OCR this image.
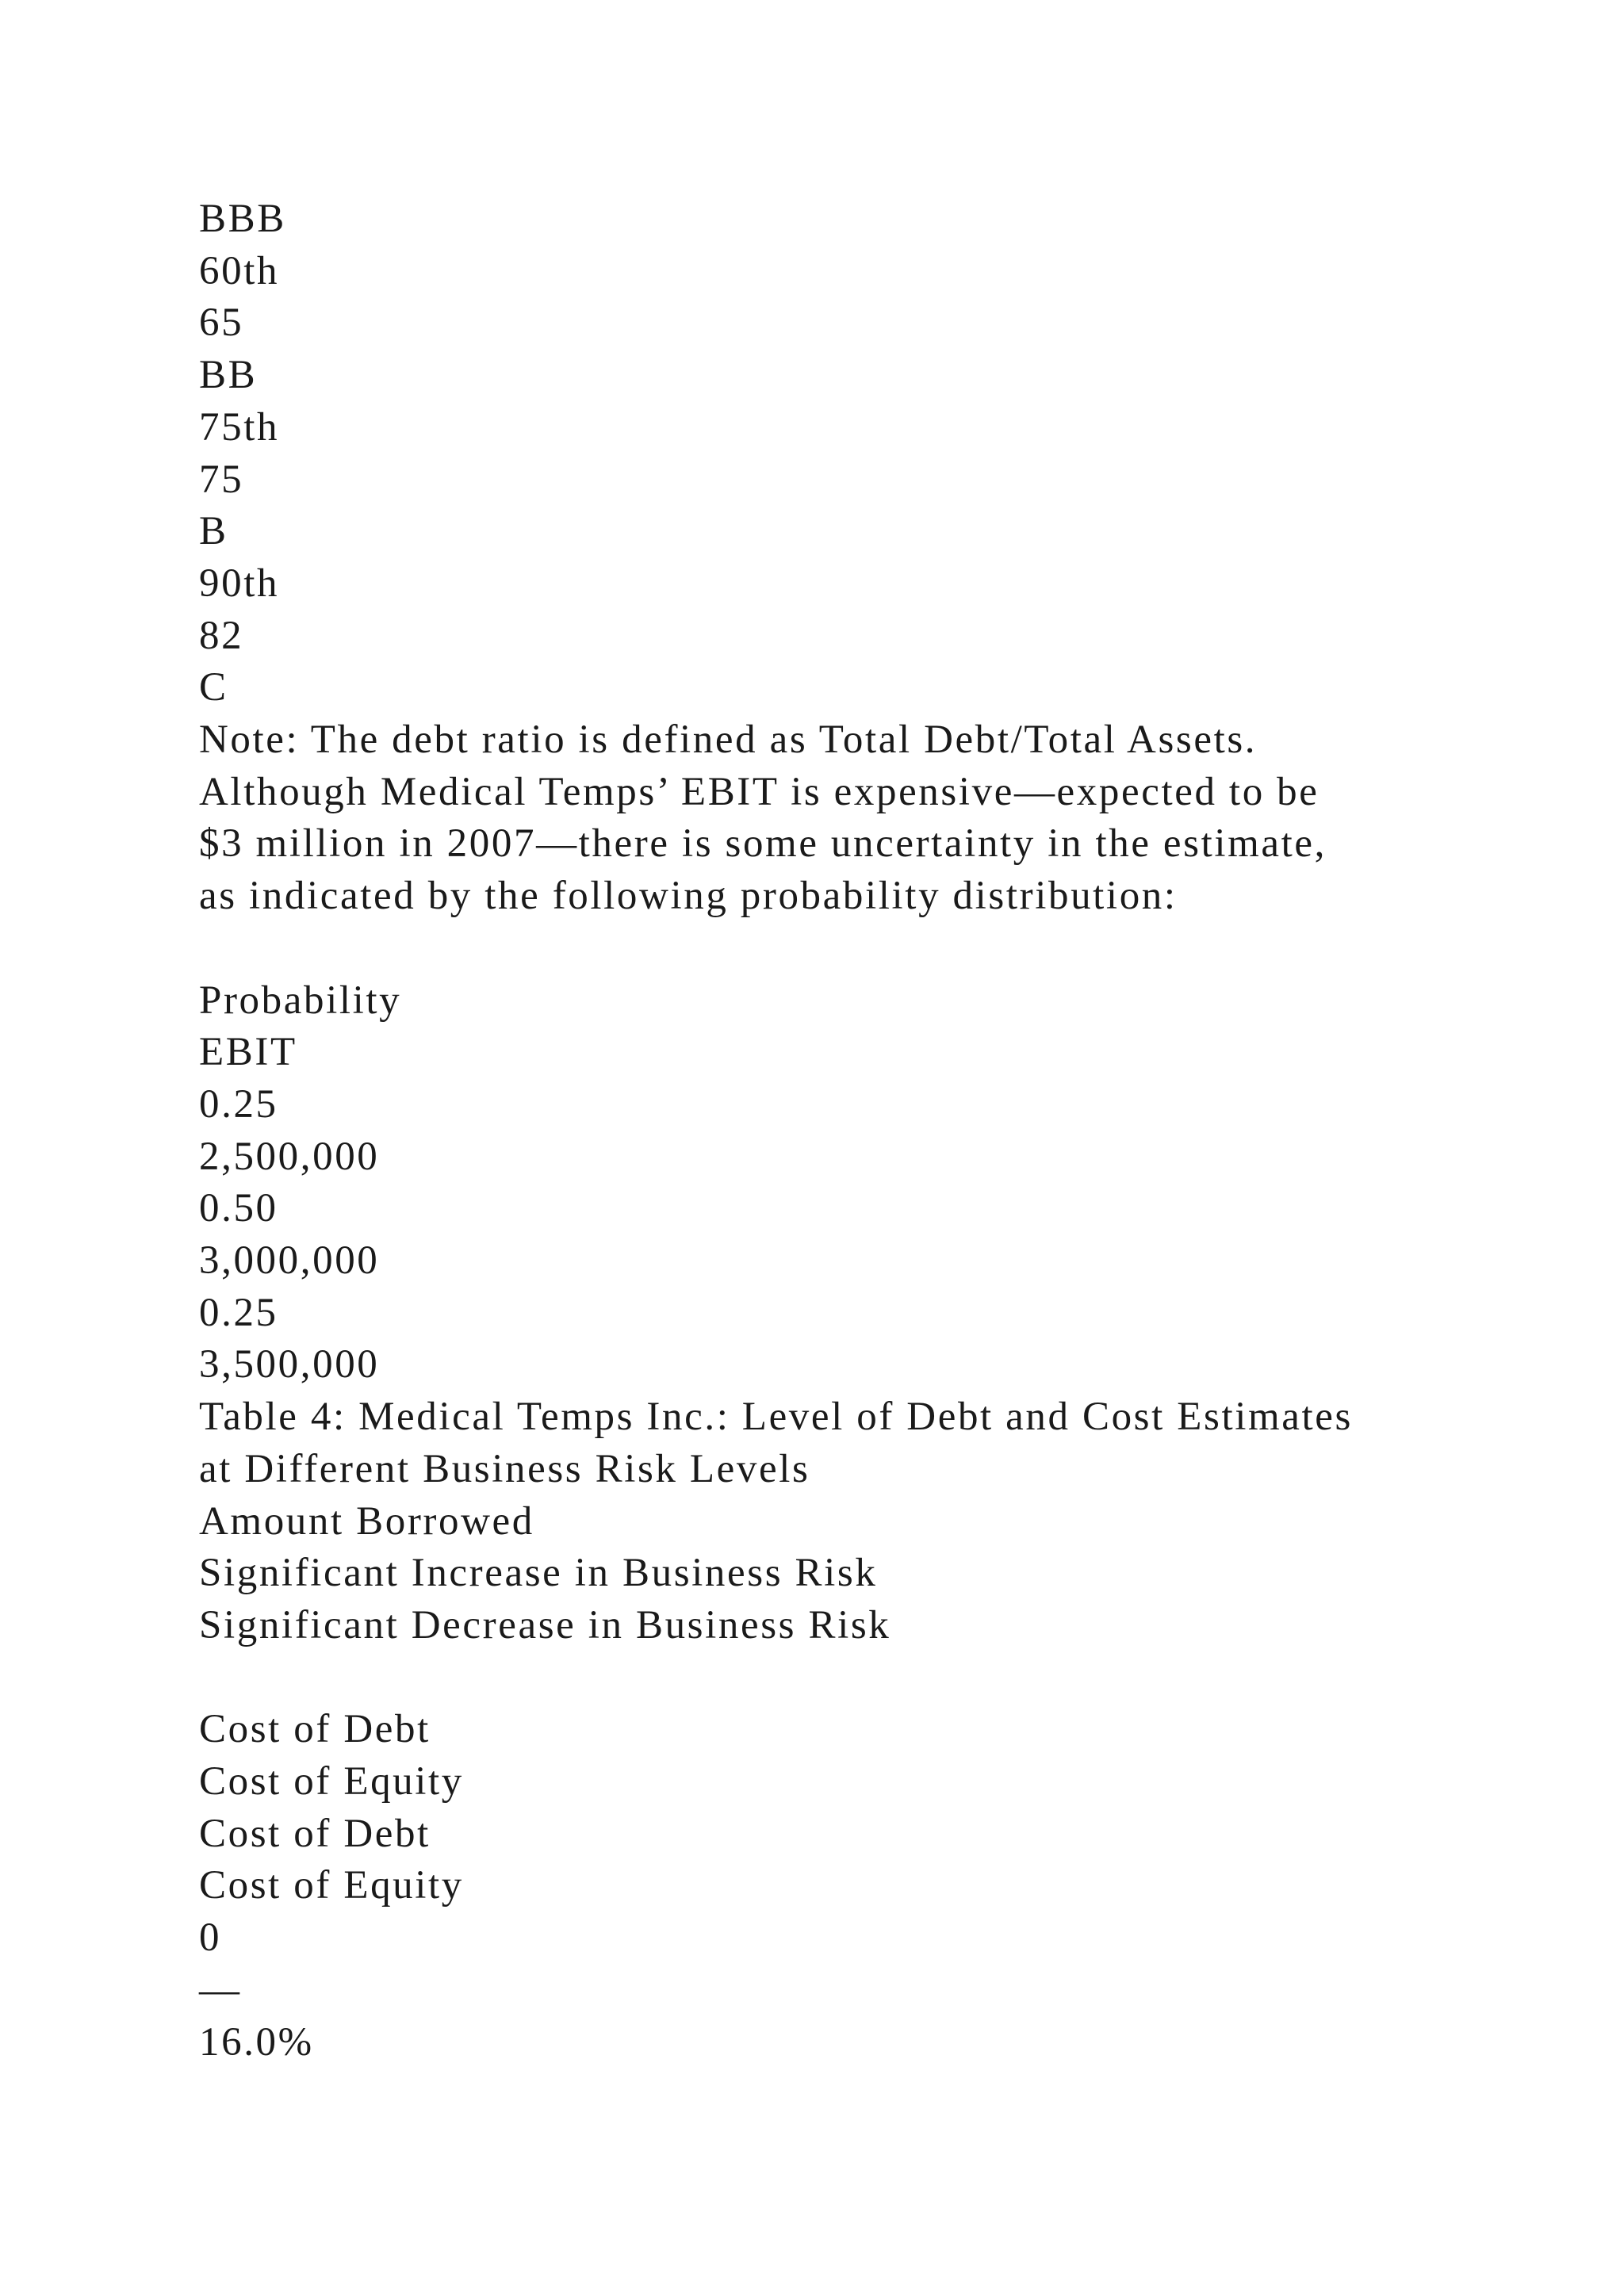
BBB
60th
65
BB
75th
75
B
90th
82
C
Note: The debt ratio is defined as Total Debt/Total Assets.
Although Medical Temps’ EBIT is expensive—expected to be
$3 million in 2007—there is some uncertainty in the estimate,
as indicated by the following probability distribution:
Probability
EBIT
0.25
2,500,000
0.50
3,000,000
0.25
3,500,000
Table 4: Medical Temps Inc.: Level of Debt and Cost Estimates
at Different Business Risk Levels
Amount Borrowed
Significant Increase in Business Risk
Significant Decrease in Business Risk
Cost of Debt
Cost of Equity
Cost of Debt
Cost of Equity
0
—
16.0%
